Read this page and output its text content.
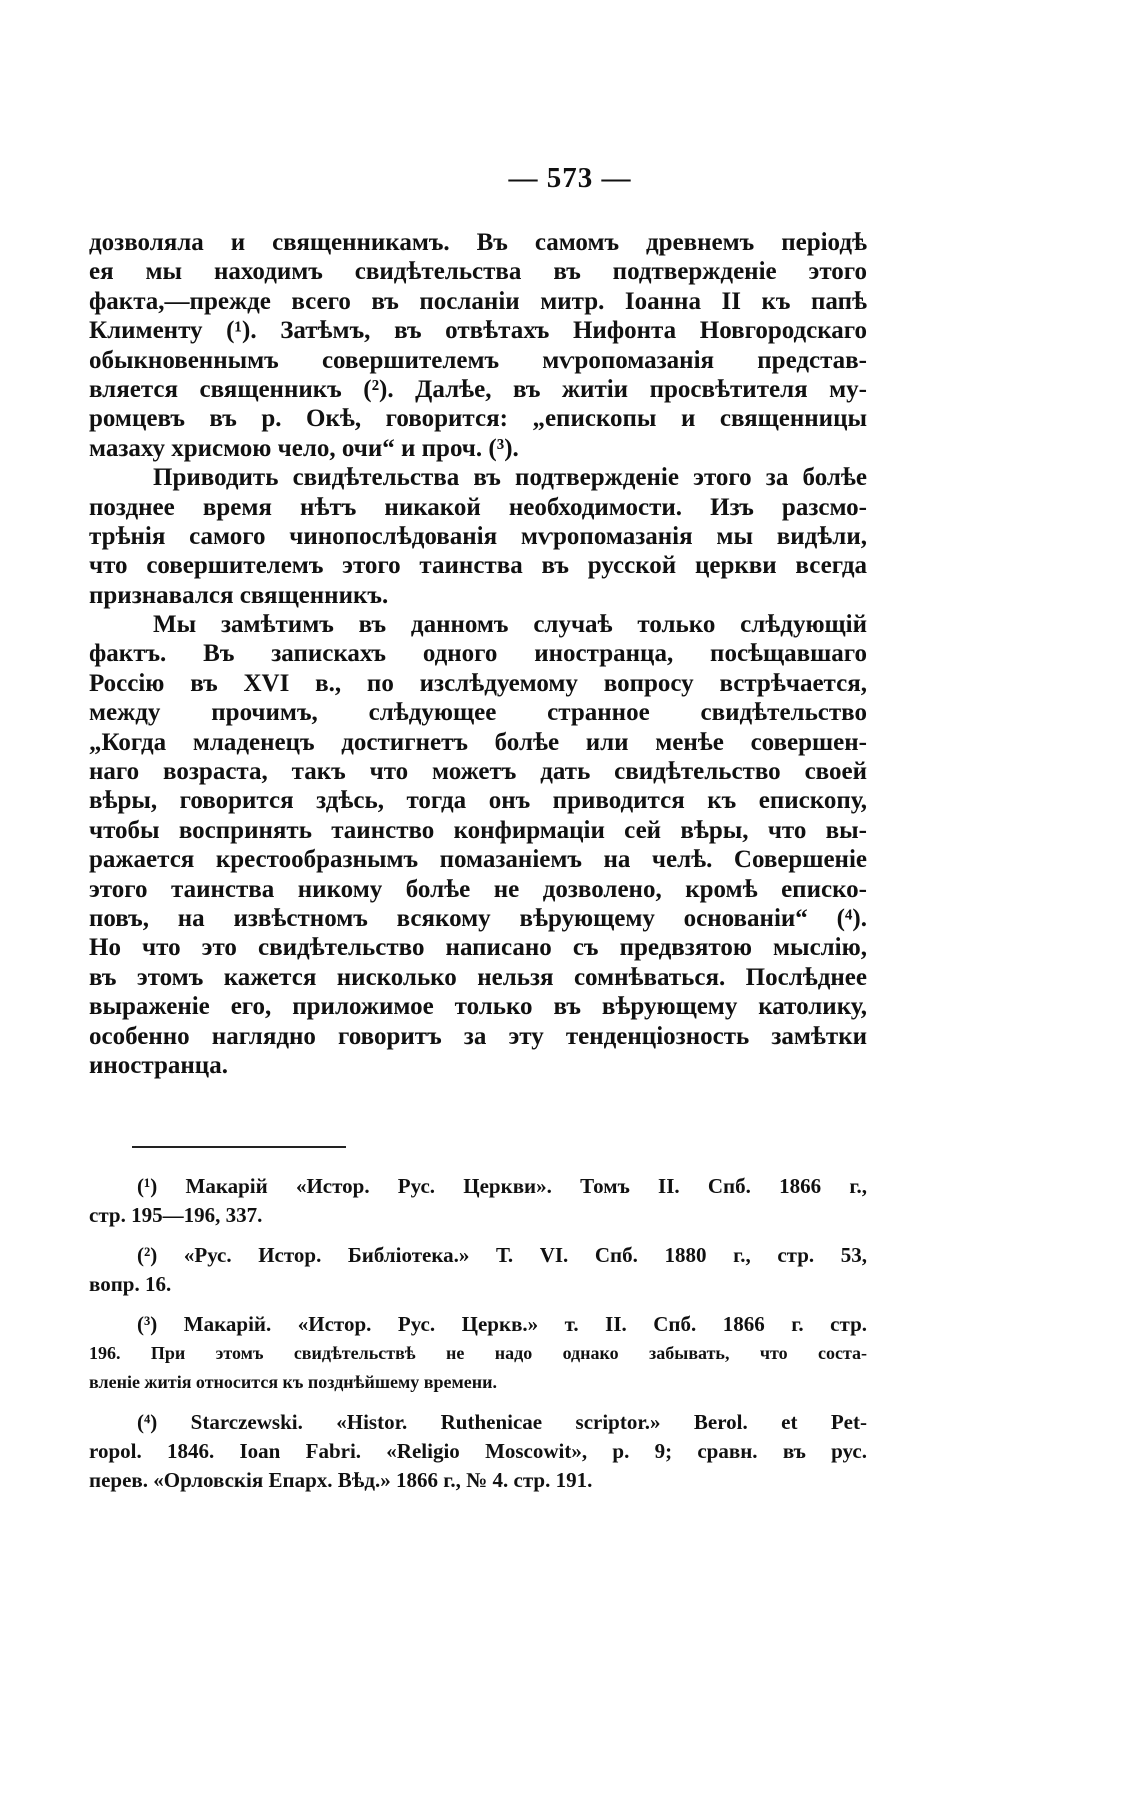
— 573 —
дозволяла и священникамъ. Въ самомъ древнемъ періодѣ
ея мы находимъ свидѣтельства въ подтвержденіе этого
факта,—прежде всего въ посланіи митр. Іоанна II къ папѣ
Клименту (¹). Затѣмъ, въ отвѣтахъ Нифонта Новгородскаго
обыкновеннымъ совершителемъ мѵропомазанія представ-
вляется священникъ (²). Далѣе, въ житіи просвѣтителя му-
ромцевъ въ р. Окѣ, говорится: „епископы и священницы
мазаху хрисмою чело, очи“ и проч. (³).
Приводить свидѣтельства въ подтвержденіе этого за болѣе
позднее время нѣтъ никакой необходимости. Изъ разсмо-
трѣнія самого чинопослѣдованія мѵропомазанія мы видѣли,
что совершителемъ этого таинства въ русской церкви всегда
признавался священникъ.
Мы замѣтимъ въ данномъ случаѣ только слѣдующій
фактъ. Въ запискахъ одного иностранца, посѣщавшаго
Россію въ XVI в., по изслѣдуемому вопросу встрѣчается,
между прочимъ, слѣдующее странное свидѣтельство
„Когда младенецъ достигнетъ болѣе или менѣе совершен-
наго возраста, такъ что можетъ дать свидѣтельство своей
вѣры, говорится здѣсь, тогда онъ приводится къ епископу,
чтобы воспринять таинство конфирмаціи сей вѣры, что вы-
ражается крестообразнымъ помазаніемъ на челѣ. Совершеніе
этого таинства никому болѣе не дозволено, кромѣ еписко-
повъ, на извѣстномъ всякому вѣрующему основаніи“ (⁴).
Но что это свидѣтельство написано съ предвзятою мыслію,
въ этомъ кажется нисколько нельзя сомнѣваться. Послѣднее
выраженіе его, приложимое только въ вѣрующему католику,
особенно наглядно говоритъ за эту тенденціозность замѣтки
иностранца.
(¹) Макарій «Истор. Рус. Церкви». Томъ II. Спб. 1866 г.,
стр. 195—196, 337.
(²) «Рус. Истор. Библіотека.» Т. VI. Спб. 1880 г., стр. 53,
вопр. 16.
(³) Макарій. «Истор. Рус. Церкв.» т. II. Спб. 1866 г. стр.
196. При этомъ свидѣтельствѣ не надо однако забывать, что соста-
вленіе житія относится къ позднѣйшему времени.
(⁴) Starczewski. «Histor. Ruthenicae scriptor.» Berol. et Pet-
ropol. 1846. Ioan Fabri. «Religio Moscowit», p. 9; сравн. въ рус.
перев. «Орловскія Епарх. Вѣд.» 1866 г., № 4. стр. 191.
